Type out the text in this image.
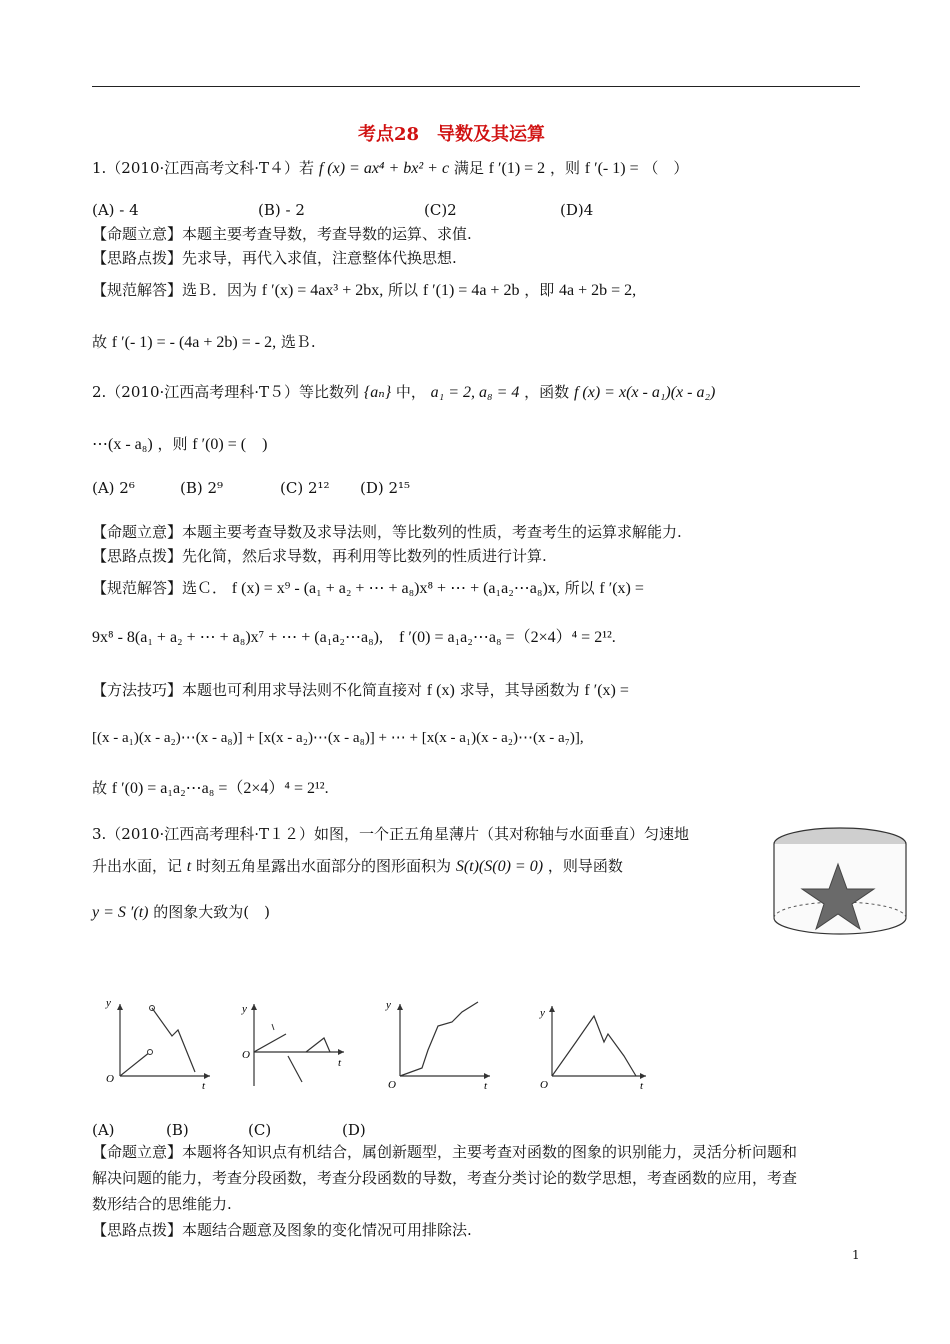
考点28　导数及其运算
1.（2010·江西高考文科·T４）若 f (x) = ax⁴ + bx² + c 满足 f ′(1) = 2 ，则 f ′(- 1) = （　）
(A) - 4	(B) - 2	(C)2	(D)4
【命题立意】本题主要考查导数，考查导数的运算、求值.
【思路点拨】先求导，再代入求值，注意整体代换思想.
【规范解答】选Ｂ．因为 f ′(x) = 4ax³ + 2bx, 所以 f ′(1) = 4a + 2b ，即 4a + 2b = 2,
故 f ′(- 1) = - (4a + 2b) = - 2, 选Ｂ.
2.（2010·江西高考理科·T５）等比数列 {aₙ} 中， a₁ = 2, a₈ = 4 ，函数 f (x) = x(x - a₁)(x - a₂)
⋯(x - a₈) ，则 f ′(0) = (　)
(A) 2⁶	(B) 2⁹	(C) 2¹² (D) 2¹⁵
【命题立意】本题主要考查导数及求导法则，等比数列的性质，考查考生的运算求解能力.
【思路点拨】先化简，然后求导数，再利用等比数列的性质进行计算.
【规范解答】选Ｃ． f (x) = x⁹ - (a₁ + a₂ + ⋯ + a₈)x⁸ + ⋯ + (a₁a₂⋯a₈)x, 所以 f ′(x) =
9x⁸ - 8(a₁ + a₂ + ⋯ + a₈)x⁷ + ⋯ + (a₁a₂⋯a₈),　f ′(0) = a₁a₂⋯a₈ =（2×4）⁴ = 2¹².
【方法技巧】本题也可利用求导法则不化简直接对 f (x) 求导，其导函数为 f ′(x) =
[(x - a₁)(x - a₂)⋯(x - a₈)] + [x(x - a₂)⋯(x - a₈)] + ⋯ + [x(x - a₁)(x - a₂)⋯(x - a₇)],
故 f ′(0) = a₁a₂⋯a₈ =（2×4）⁴ = 2¹².
3.（2010·江西高考理科·T１２）如图，一个正五角星薄片（其对称轴与水面垂直）匀速地
升出水面，记 t 时刻五角星露出水面部分的图形面积为 S(t)(S(0) = 0) ，则导函数
y = S ′(t) 的图象大致为(　)
y
O
t
y
O
t
y
O	t
y
O	t
(A)	(B)	(C)	(D)
【命题立意】本题将各知识点有机结合，属创新题型，主要考查对函数的图象的识别能力，灵活分析问题和
解决问题的能力，考查分段函数，考查分段函数的导数，考查分类讨论的数学思想，考查函数的应用，考查
数形结合的思维能力.
【思路点拨】本题结合题意及图象的变化情况可用排除法.
1
